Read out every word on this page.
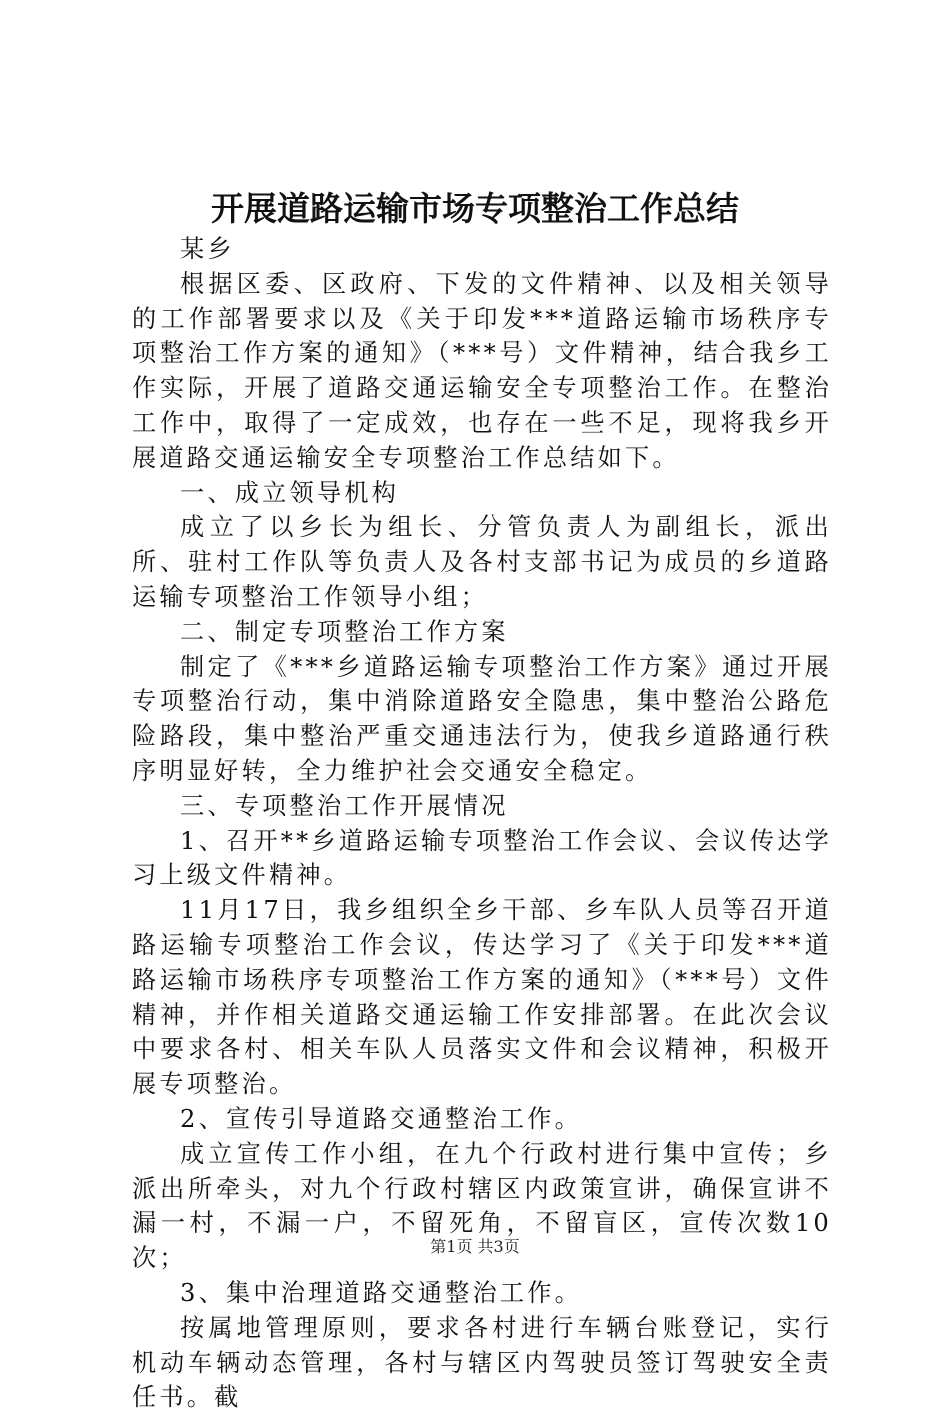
开展道路运输市场专项整治工作总结

某乡

根据区委、区政府、下发的文件精神、以及相关领导的工作部署要求以及《关于印发***道路运输市场秩序专项整治工作方案的通知》（***号）文件精神，结合我乡工作实际，开展了道路交通运输安全专项整治工作。在整治工作中，取得了一定成效，也存在一些不足，现将我乡开展道路交通运输安全专项整治工作总结如下。

一、成立领导机构

成立了以乡长为组长、分管负责人为副组长，派出所、驻村工作队等负责人及各村支部书记为成员的乡道路运输专项整治工作领导小组；

二、制定专项整治工作方案

制定了《***乡道路运输专项整治工作方案》通过开展专项整治行动，集中消除道路安全隐患，集中整治公路危险路段，集中整治严重交通违法行为，使我乡道路通行秩序明显好转，全力维护社会交通安全稳定。

三、专项整治工作开展情况

1、召开**乡道路运输专项整治工作会议、会议传达学习上级文件精神。

11月17日，我乡组织全乡干部、乡车队人员等召开道路运输专项整治工作会议，传达学习了《关于印发***道路运输市场秩序专项整治工作方案的通知》（***号）文件精神，并作相关道路交通运输工作安排部署。在此次会议中要求各村、相关车队人员落实文件和会议精神，积极开展专项整治。

2、宣传引导道路交通整治工作。

成立宣传工作小组，在九个行政村进行集中宣传；乡派出所牵头，对九个行政村辖区内政策宣讲，确保宣讲不漏一村，不漏一户，不留死角，不留盲区，宣传次数10次；

3、集中治理道路交通整治工作。

按属地管理原则，要求各村进行车辆台账登记，实行机动车辆动态管理，各村与辖区内驾驶员签订驾驶安全责任书。截

第1页 共3页
